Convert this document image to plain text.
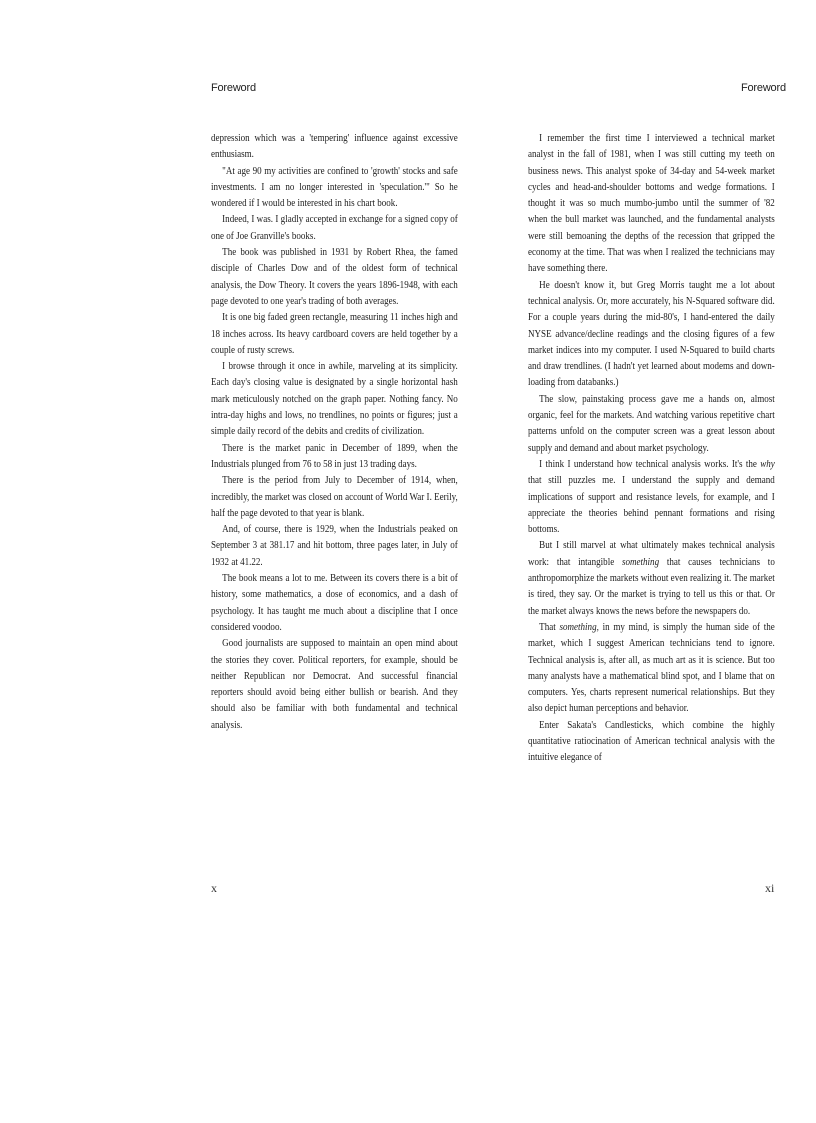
Foreword	Foreword

depression which was a 'tempering' influence against excessive enthusiasm.

"At age 90 my activities are confined to 'growth' stocks and safe investments. I am no longer interested in 'speculation.'" So he wondered if I would be interested in his chart book.

Indeed, I was. I gladly accepted in exchange for a signed copy of one of Joe Granville's books.

The book was published in 1931 by Robert Rhea, the famed disciple of Charles Dow and of the oldest form of technical analysis, the Dow Theory. It covers the years 1896-1948, with each page devoted to one year's trading of both averages.

It is one big faded green rectangle, measuring 11 inches high and 18 inches across. Its heavy cardboard covers are held together by a couple of rusty screws.

I browse through it once in awhile, marveling at its simplicity. Each day's closing value is designated by a single horizontal hash mark meticulously notched on the graph paper. Nothing fancy. No intra-day highs and lows, no trendlines, no points or figures; just a simple daily record of the debits and credits of civilization.

There is the market panic in December of 1899, when the Industrials plunged from 76 to 58 in just 13 trading days.

There is the period from July to December of 1914, when, incredibly, the market was closed on account of World War I. Eerily, half the page devoted to that year is blank.

And, of course, there is 1929, when the Industrials peaked on September 3 at 381.17 and hit bottom, three pages later, in July of 1932 at 41.22.

The book means a lot to me. Between its covers there is a bit of history, some mathematics, a dose of economics, and a dash of psychology. It has taught me much about a discipline that I once considered voodoo.

Good journalists are supposed to maintain an open mind about the stories they cover. Political reporters, for example, should be neither Republican nor Democrat. And successful financial reporters should avoid being either bullish or bearish. And they should also be familiar with both fundamental and technical analysis.

I remember the first time I interviewed a technical market analyst in the fall of 1981, when I was still cutting my teeth on business news. This analyst spoke of 34-day and 54-week market cycles and head-and-shoulder bottoms and wedge formations. I thought it was so much mumbo-jumbo until the summer of '82 when the bull market was launched, and the fundamental analysts were still bemoaning the depths of the recession that gripped the economy at the time. That was when I realized the technicians may have something there.

He doesn't know it, but Greg Morris taught me a lot about technical analysis. Or, more accurately, his N-Squared software did. For a couple years during the mid-80's, I hand-entered the daily NYSE advance/decline readings and the closing figures of a few market indices into my computer. I used N-Squared to build charts and draw trendlines. (I hadn't yet learned about modems and down-loading from databanks.)

The slow, painstaking process gave me a hands on, almost organic, feel for the markets. And watching various repetitive chart patterns unfold on the computer screen was a great lesson about supply and demand and about market psychology.

I think I understand how technical analysis works. It's the why that still puzzles me. I understand the supply and demand implications of support and resistance levels, for example, and I appreciate the theories behind pennant formations and rising bottoms.

But I still marvel at what ultimately makes technical analysis work: that intangible something that causes technicians to anthropomorphize the markets without even realizing it. The market is tired, they say. Or the market is trying to tell us this or that. Or the market always knows the news before the newspapers do.

That something, in my mind, is simply the human side of the market, which I suggest American technicians tend to ignore. Technical analysis is, after all, as much art as it is science. But too many analysts have a mathematical blind spot, and I blame that on computers. Yes, charts represent numerical relationships. But they also depict human perceptions and behavior.

Enter Sakata's Candlesticks, which combine the highly quantitative ratiocination of American technical analysis with the intuitive elegance of

x	xi
